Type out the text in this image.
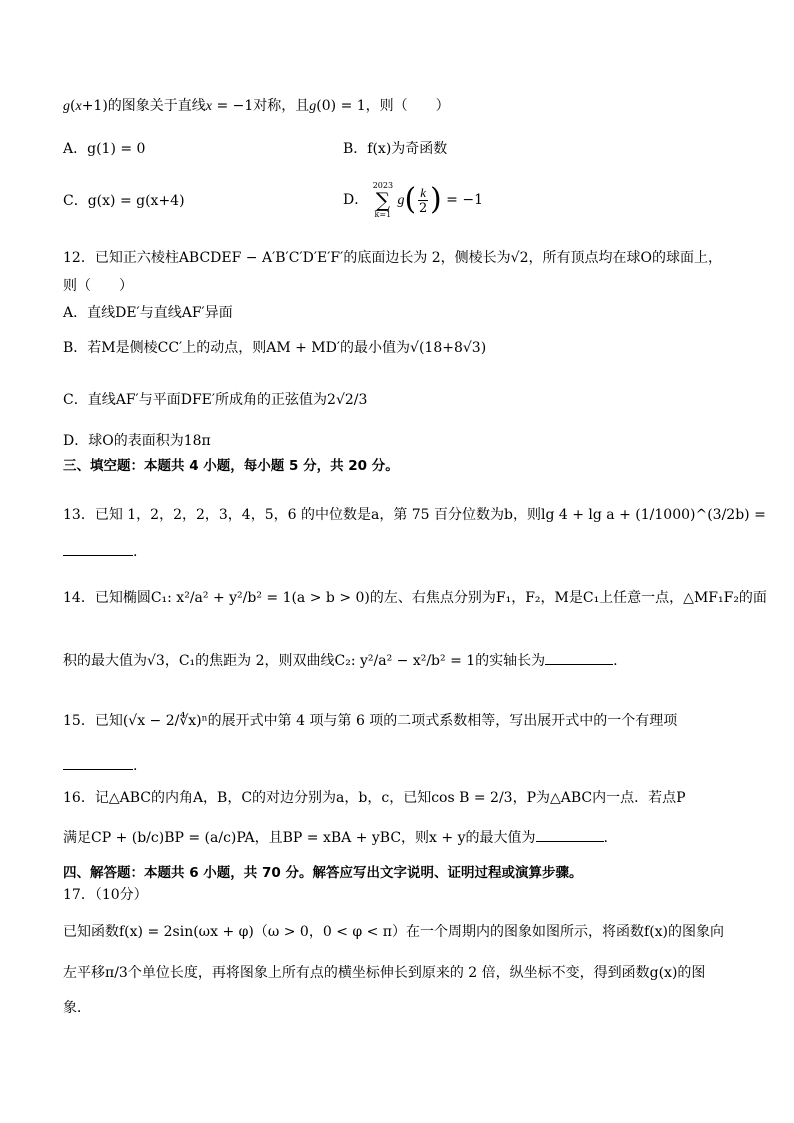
g(x+1)的图象关于直线x = −1对称，且g(0) = 1，则（　　）
A．g(1) = 0	B．f(x)为奇函数
C．g(x) = g(x+4)	D．
2023
∑
k=1
$g( \frac{k}{2}$ ) = −1
12．已知正六棱柱ABCDEF − A′B′C′D′E′F′的底面边长为 2，侧棱长为√2，所有顶点均在球O的球面上，
则（　　）
A．直线DE′与直线AF′异面
B．若M是侧棱CC′上的动点，则AM + MD′的最小值为√(18+8√3)
C．直线AF′与平面DFE′所成角的正弦值为2√2/3
D．球O的表面积为18π
三、填空题：本题共 4 小题，每小题 5 分，共 20 分。
13．已知 1，2，2，2，3，4，5，6 的中位数是a，第 75 百分位数为b，则lg 4 + lg a + (1/1000)^(3/2b) =
.
14．已知椭圆C₁: x²/a² + y²/b² = 1(a > b > 0)的左、右焦点分别为F₁，F₂，M是C₁上任意一点，△MF₁F₂的面
积的最大值为√3，C₁的焦距为 2，则双曲线C₂: y²/a² − x²/b² = 1的实轴长为	.
15．已知(√x − 2/∜x)ⁿ的展开式中第 4 项与第 6 项的二项式系数相等，写出展开式中的一个有理项
.
16．记△ABC的内角A，B，C的对边分别为a，b，c，已知cos B = 2/3，P为△ABC内一点．若点P
满足CP + (b/c)BP = (a/c)PA，且BP = xBA + yBC，则x + y的最大值为	.
四、解答题：本题共 6 小题，共 70 分。解答应写出文字说明、证明过程或演算步骤。
17．（10分）
已知函数f(x) = 2sin(ωx + φ)（ω > 0，0 < φ < π）在一个周期内的图象如图所示，将函数f(x)的图象向
左平移π/3个单位长度，再将图象上所有点的横坐标伸长到原来的 2 倍，纵坐标不变，得到函数g(x)的图
象．
